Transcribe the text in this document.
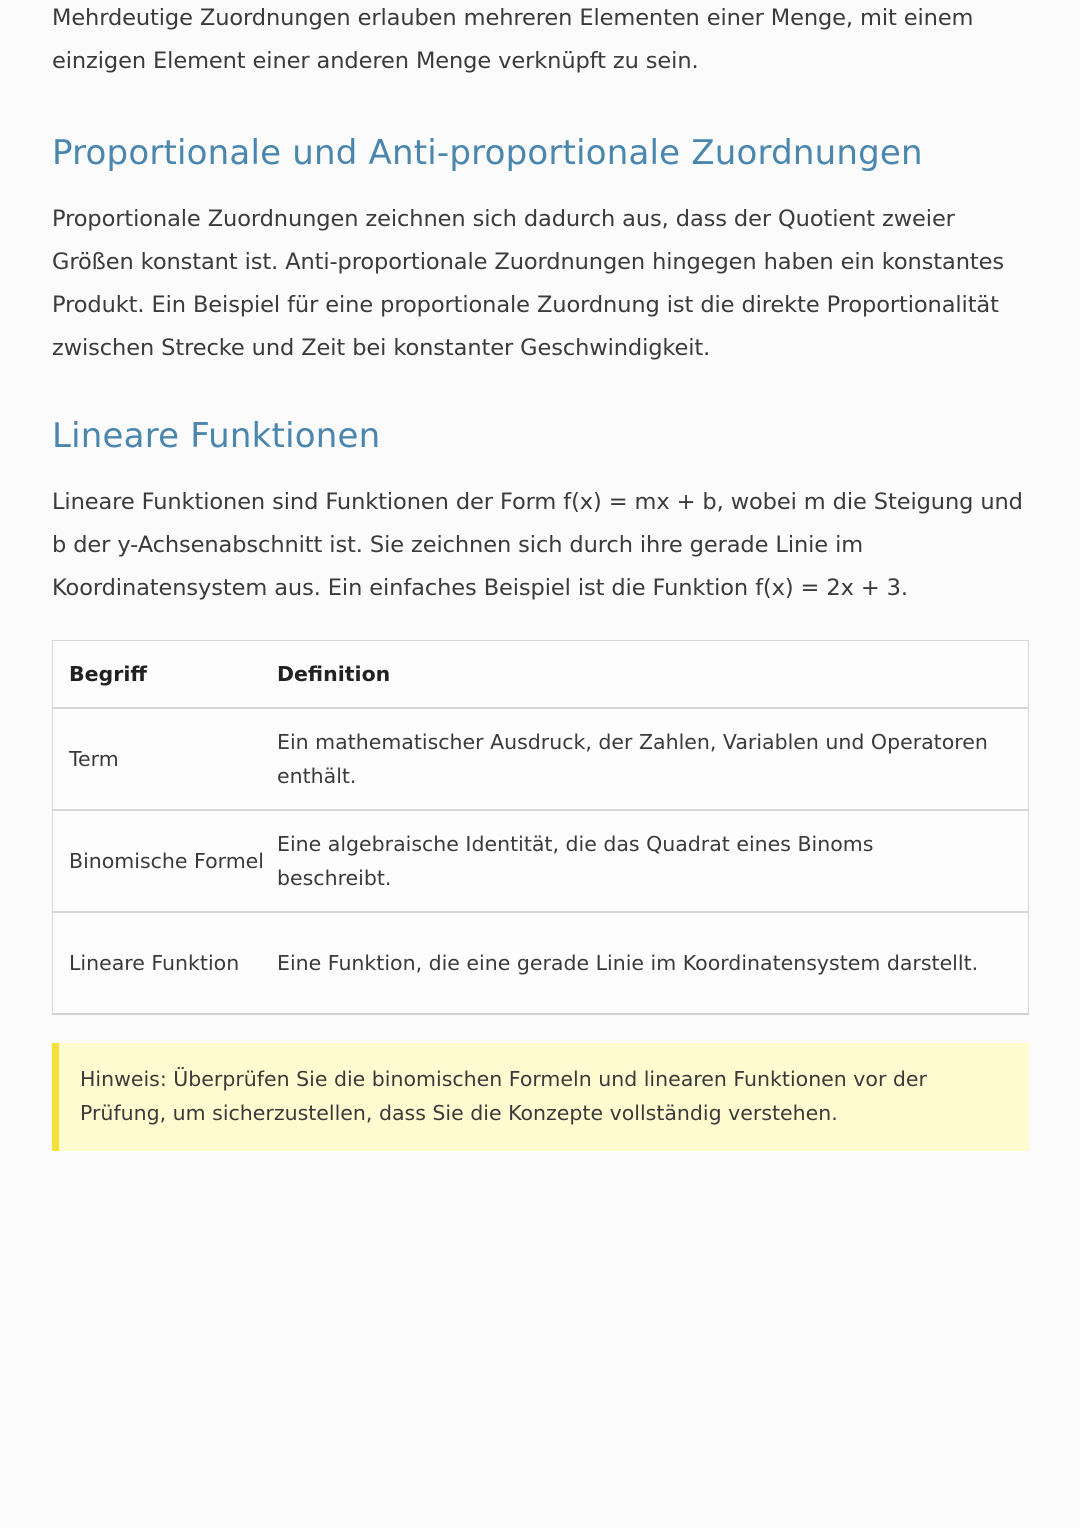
Mehrdeutige Zuordnungen erlauben mehreren Elementen einer Menge, mit einem einzigen Element einer anderen Menge verknüpft zu sein.

Proportionale und Anti-proportionale Zuordnungen

Proportionale Zuordnungen zeichnen sich dadurch aus, dass der Quotient zweier Größen konstant ist. Anti-proportionale Zuordnungen hingegen haben ein konstantes Produkt. Ein Beispiel für eine proportionale Zuordnung ist die direkte Proportionalität zwischen Strecke und Zeit bei konstanter Geschwindigkeit.

Lineare Funktionen

Lineare Funktionen sind Funktionen der Form f(x) = mx + b, wobei m die Steigung und b der y-Achsenabschnitt ist. Sie zeichnen sich durch ihre gerade Linie im Koordinatensystem aus. Ein einfaches Beispiel ist die Funktion f(x) = 2x + 3.

Begriff	Definition
Term
Ein mathematischer Ausdruck, der Zahlen, Variablen und Operatoren enthält.
Binomische Formel
Eine algebraische Identität, die das Quadrat eines Binoms beschreibt.
Lineare Funktion	Eine Funktion, die eine gerade Linie im Koordinatensystem darstellt.
Hinweis: Überprüfen Sie die binomischen Formeln und linearen Funktionen vor der Prüfung, um sicherzustellen, dass Sie die Konzepte vollständig verstehen.
